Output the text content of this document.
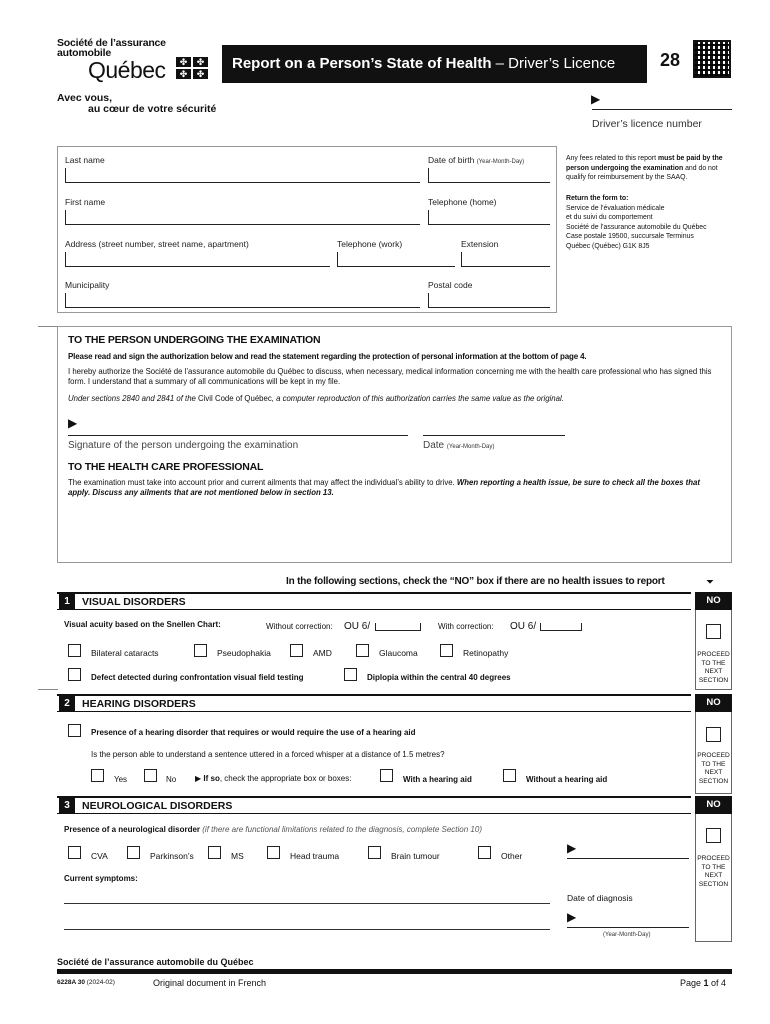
Société de l’assurance
automobile
Québec	✤	✤
✤	✤
Avec vous,
au cœur de votre sécurité
Report on a Person’s State of Health – Driver’s Licence	28
▶
Driver’s licence number
Last name	Date of birth (Year-Month-Day)
First name	Telephone (home)
Address (street number, street name, apartment)	Telephone (work)	Extension
Municipality	Postal code
Any fees related to this report must be paid by the person undergoing the examination and do not qualify for reimbursement by the SAAQ.
Return the form to:
Service de l’évaluation médicale
et du suivi du comportement
Société de l’assurance automobile du Québec
Case postale 19500, succursale Terminus
Québec (Québec) G1K 8J5
TO THE PERSON UNDERGOING THE EXAMINATION
Please read and sign the authorization below and read the statement regarding the protection of personal information at the bottom of page 4.
I hereby authorize the Société de l’assurance automobile du Québec to discuss, when necessary, medical information concerning me with the health care professional who has signed this form. I understand that a summary of all communications will be kept in my file.
Under sections 2840 and 2841 of the Civil Code of Québec, a computer reproduction of this authorization carries the same value as the original.
▶
Signature of the person undergoing the examination	Date (Year-Month-Day)
TO THE HEALTH CARE PROFESSIONAL
The examination must take into account prior and current ailments that may affect the individual’s ability to drive. When reporting a health issue, be sure to check all the boxes that apply. Discuss any ailments that are not mentioned below in section 13.
In the following sections, check the “NO” box if there are no health issues to report	⏷
1	VISUAL DISORDERS	NO
PROCEED
TO THE
NEXT
SECTION
Visual acuity based on the Snellen Chart:	Without correction: OU 6/	With correction: OU 6/
Bilateral cataracts	Pseudophakia	AMD	Glaucoma	Retinopathy
Defect detected during confrontation visual field testing	Diplopia within the central 40 degrees
2	HEARING DISORDERS	NO
PROCEED
TO THE
NEXT
SECTION
Presence of a hearing disorder that requires or would require the use of a hearing aid
Is the person able to understand a sentence uttered in a forced whisper at a distance of 1.5 metres?
Yes	No ▶ If so, check the appropriate box or boxes:	With a hearing aid	Without a hearing aid
3	NEUROLOGICAL DISORDERS	NO
PROCEED
TO THE
NEXT
SECTION
Presence of a neurological disorder (if there are functional limitations related to the diagnosis, complete Section 10)
CVA	Parkinson’s	MS	Head trauma	Brain tumour	Other
▶
Current symptoms:
Date of diagnosis
▶
(Year-Month-Day)
Société de l’assurance automobile du Québec
6228A 30 (2024-02)	Original document in French	Page 1 of 4
